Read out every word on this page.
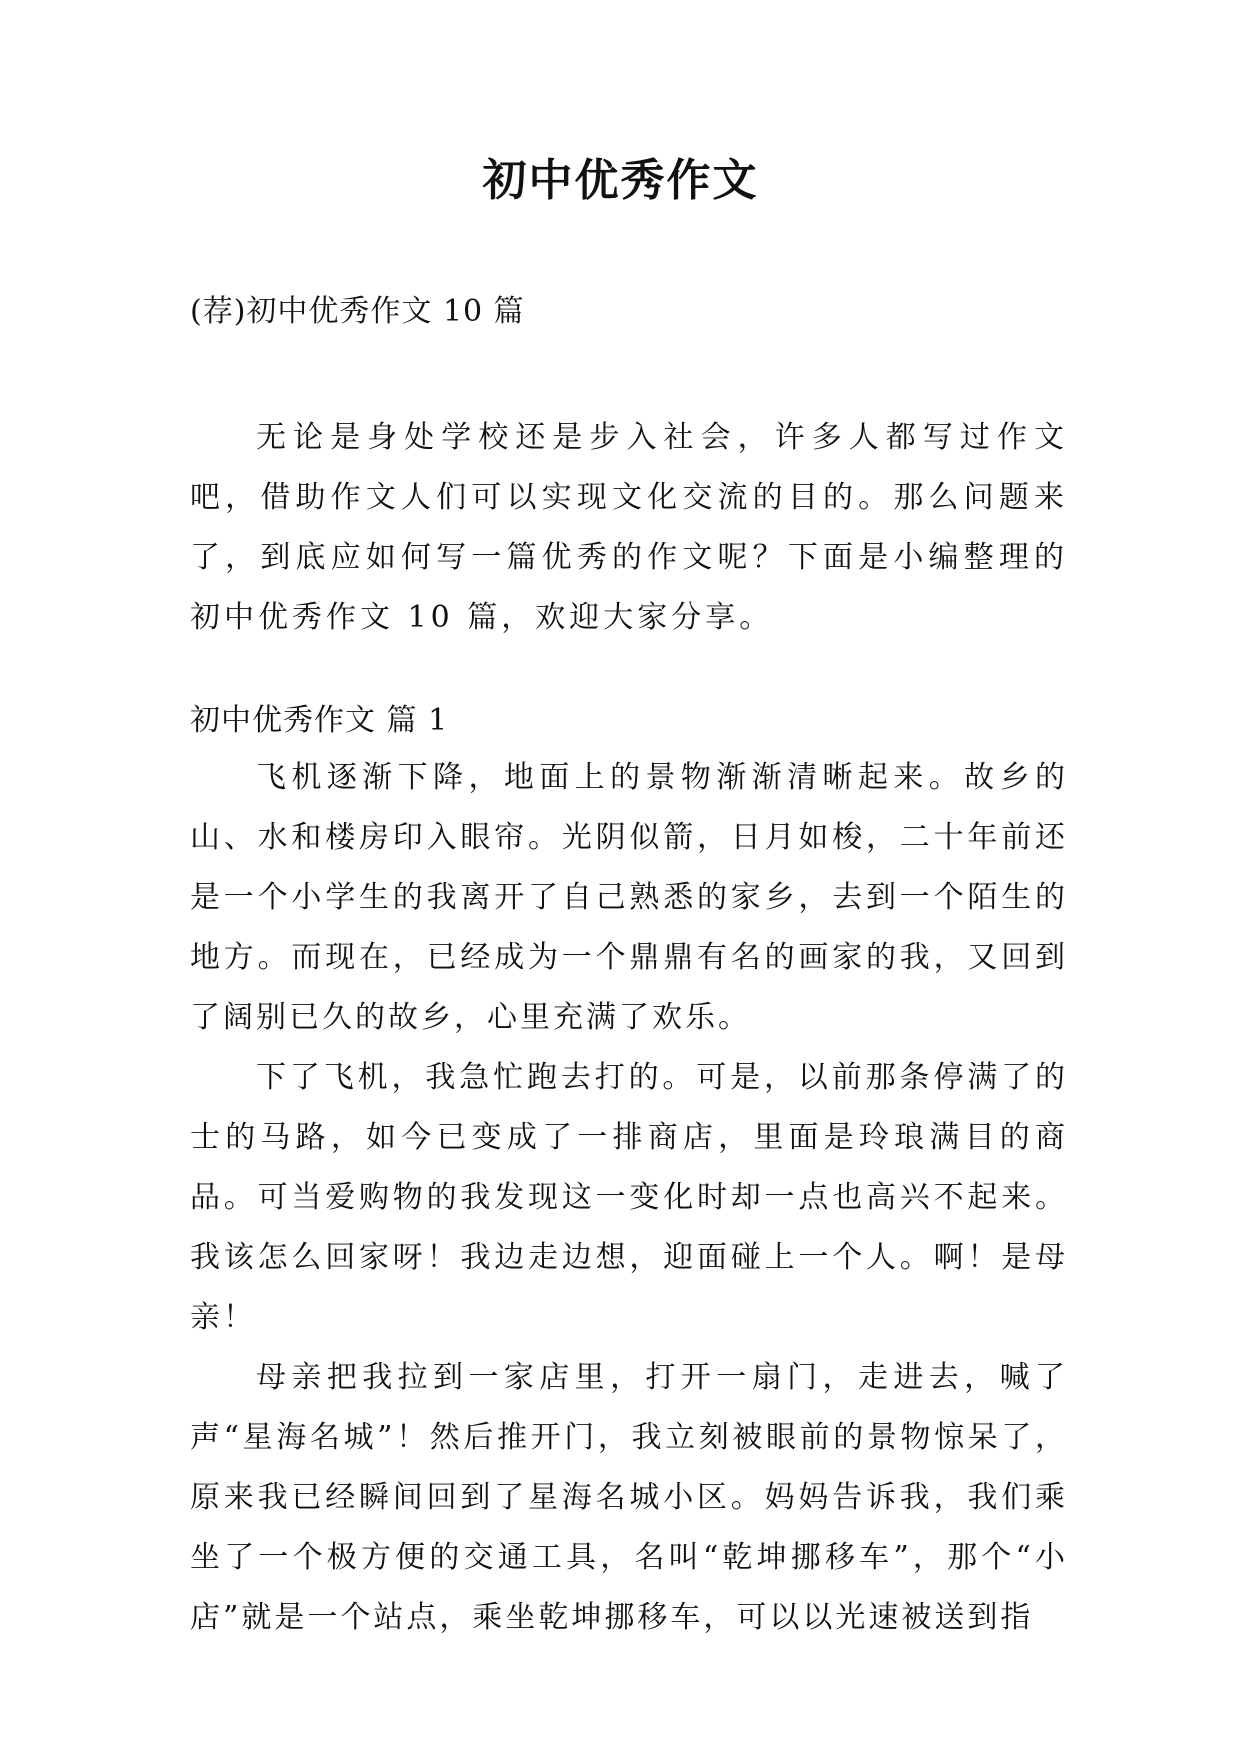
初中优秀作文

(荐)初中优秀作文 10 篇

无论是身处学校还是步入社会，许多人都写过作文吧，借助作文人们可以实现文化交流的目的。那么问题来了，到底应如何写一篇优秀的作文呢？下面是小编整理的初中优秀作文 10 篇，欢迎大家分享。

初中优秀作文 篇 1

飞机逐渐下降，地面上的景物渐渐清晰起来。故乡的山、水和楼房印入眼帘。光阴似箭，日月如梭，二十年前还是一个小学生的我离开了自己熟悉的家乡，去到一个陌生的地方。而现在，已经成为一个鼎鼎有名的画家的我，又回到了阔别已久的故乡，心里充满了欢乐。

下了飞机，我急忙跑去打的。可是，以前那条停满了的士的马路，如今已变成了一排商店，里面是玲琅满目的商品。可当爱购物的我发现这一变化时却一点也高兴不起来。我该怎么回家呀！我边走边想，迎面碰上一个人。啊！是母亲！

母亲把我拉到一家店里，打开一扇门，走进去，喊了声“星海名城”！然后推开门，我立刻被眼前的景物惊呆了，原来我已经瞬间回到了星海名城小区。妈妈告诉我，我们乘坐了一个极方便的交通工具，名叫“乾坤挪移车”，那个“小店”就是一个站点，乘坐乾坤挪移车，可以以光速被送到指
